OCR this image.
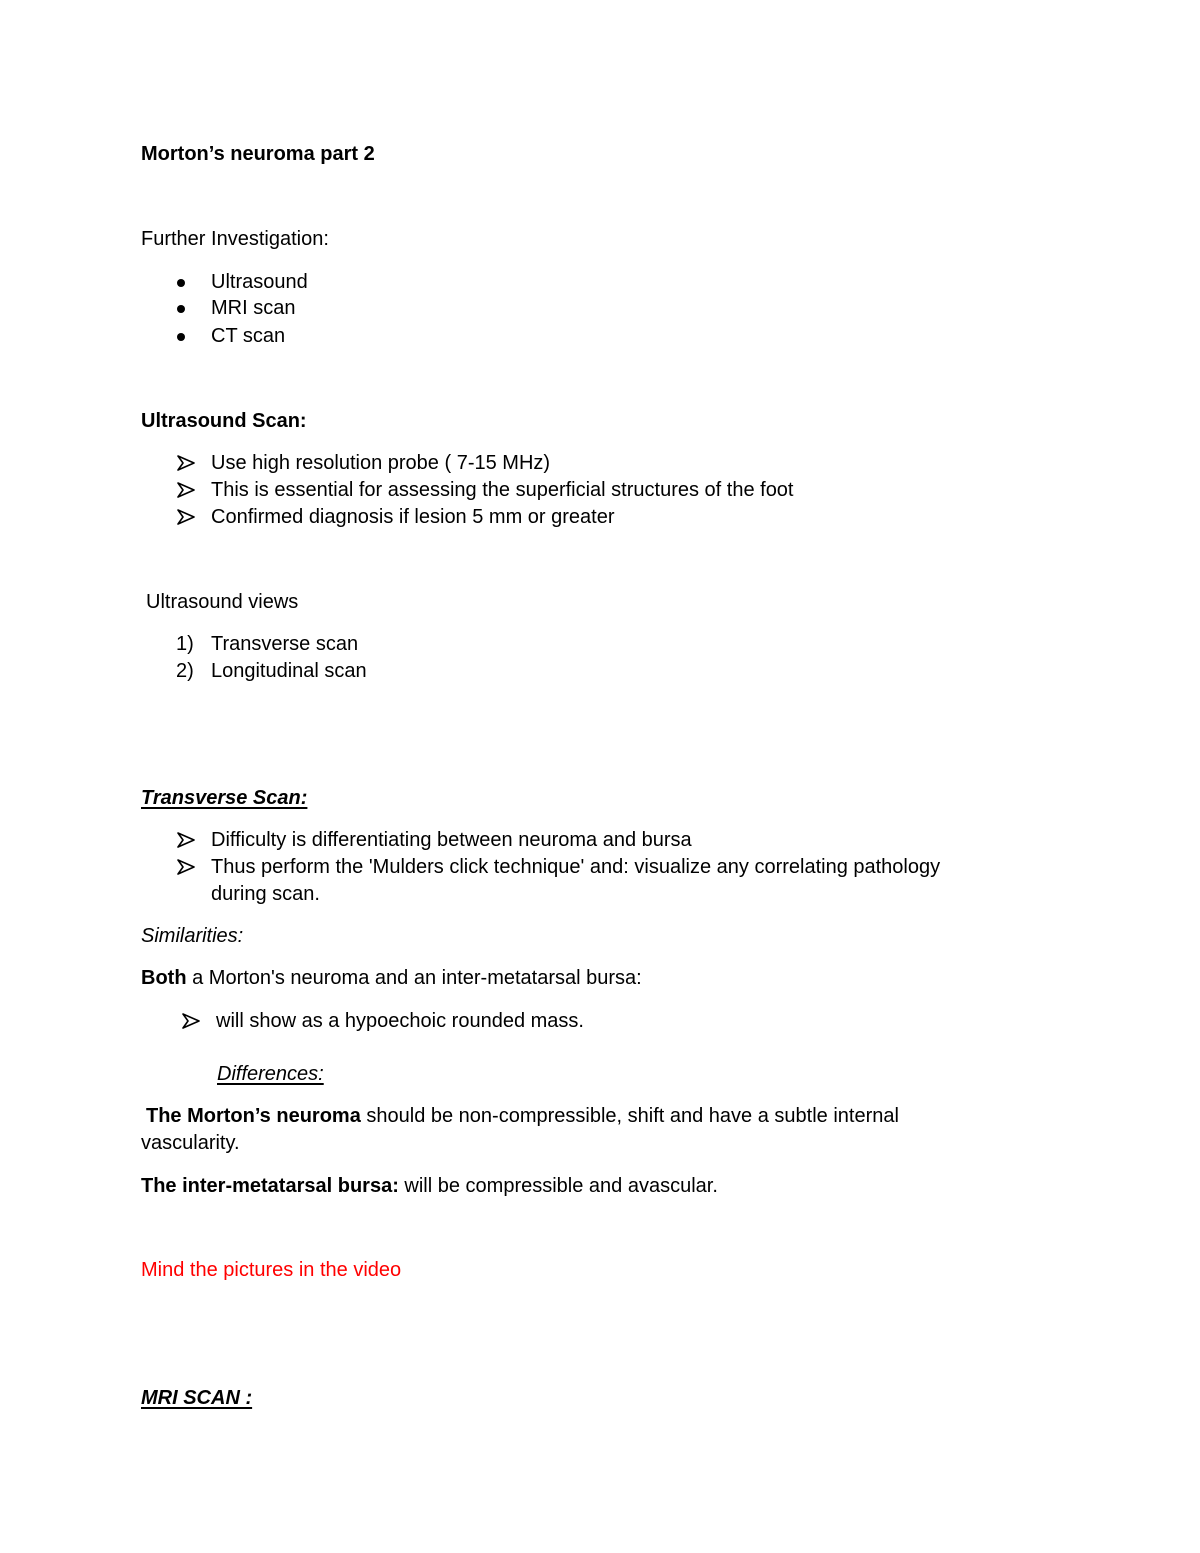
Morton’s neuroma part 2
Further Investigation:
Ultrasound
MRI scan
CT scan
Ultrasound Scan:
Use high resolution probe ( 7-15 MHz)
This is essential for assessing the superficial structures of the foot
Confirmed diagnosis if lesion 5 mm or greater
Ultrasound views
1) Transverse scan
2) Longitudinal scan
Transverse Scan:
Difficulty is differentiating between neuroma and bursa
Thus perform the 'Mulders click technique' and: visualize any correlating pathology
during scan.
Similarities:
Both a Morton's neuroma and an inter-metatarsal bursa:
will show as a hypoechoic rounded mass.
Differences:
The Morton’s neuroma should be non-compressible, shift and have a subtle internal
vascularity.
The inter-metatarsal bursa: will be compressible and avascular.
Mind the pictures in the video
MRI SCAN :
